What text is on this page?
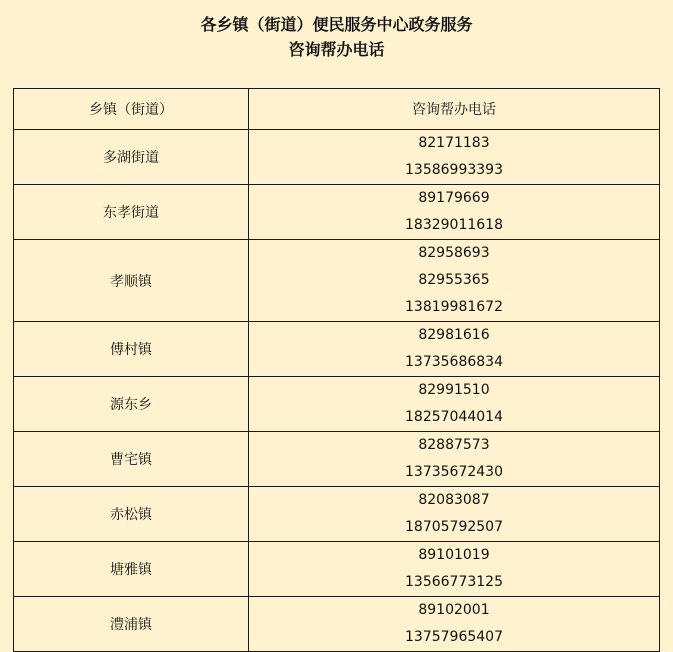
各乡镇（街道）便民服务中心政务服务
咨询帮办电话
乡镇（街道）	咨询帮办电话
多湖街道	82171183
13586993393

东孝街道	89179669
18329011618

孝顺镇	82958693
82955365
13819981672

傅村镇	82981616
13735686834

源东乡	82991510
18257044014

曹宅镇	82887573
13735672430

赤松镇	82083087
18705792507

塘雅镇	89101019
13566773125

澧浦镇	89102001
13757965407
